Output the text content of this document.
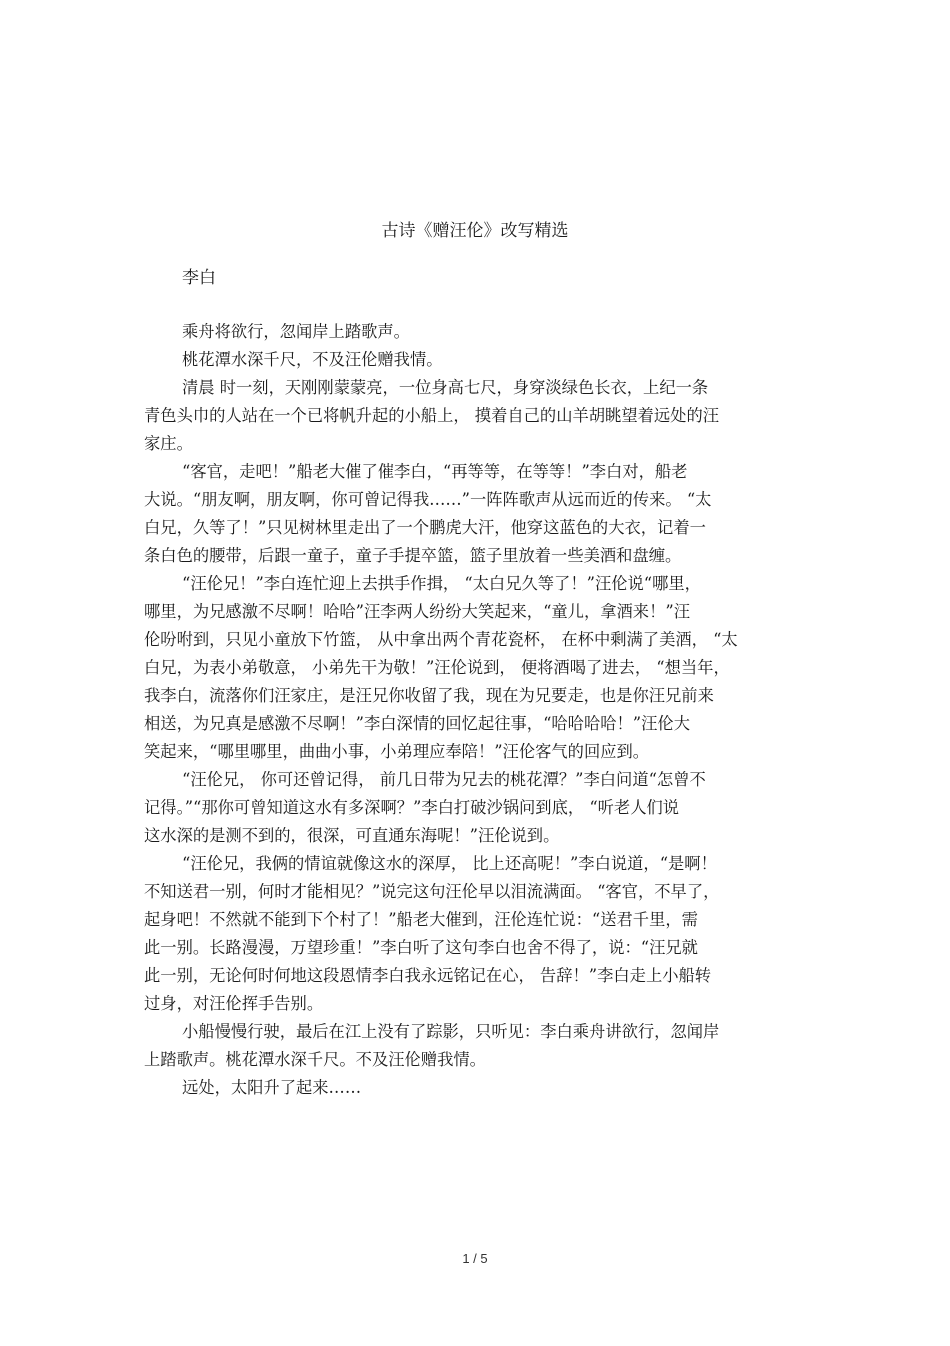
古诗《赠汪伦》改写精选
李白
乘舟将欲行，忽闻岸上踏歌声。
桃花潭水深千尺，不及汪伦赠我情。
清晨 时一刻，天刚刚蒙蒙亮，一位身高七尺，身穿淡绿色长衣，上纪一条
青色头巾的人站在一个已将帆升起的小船上， 摸着自己的山羊胡眺望着远处的汪
家庄。
“客官，走吧！”船老大催了催李白，“再等等，在等等！”李白对，船老
大说。“朋友啊，朋友啊，你可曾记得我……”一阵阵歌声从远而近的传来。 “太
白兄，久等了！”只见树林里走出了一个鹏虎大汗，他穿这蓝色的大衣，记着一
条白色的腰带，后跟一童子，童子手提卒篮，篮子里放着一些美酒和盘缠。
“汪伦兄！”李白连忙迎上去拱手作揖， “太白兄久等了！”汪伦说“哪里，
哪里，为兄感激不尽啊！哈哈”汪李两人纷纷大笑起来，“童儿，拿酒来！”汪
伦吩咐到，只见小童放下竹篮， 从中拿出两个青花瓷杯， 在杯中剩满了美酒， “太
白兄，为表小弟敬意， 小弟先干为敬！”汪伦说到， 便将酒喝了进去， “想当年，
我李白，流落你们汪家庄，是汪兄你收留了我，现在为兄要走，也是你汪兄前来
相送，为兄真是感激不尽啊！”李白深情的回忆起往事，“哈哈哈哈！”汪伦大
笑起来，“哪里哪里，曲曲小事，小弟理应奉陪！”汪伦客气的回应到。
“汪伦兄， 你可还曾记得， 前几日带为兄去的桃花潭？”李白问道“怎曾不
记得。”“那你可曾知道这水有多深啊？”李白打破沙锅问到底， “听老人们说
这水深的是测不到的，很深，可直通东海呢！”汪伦说到。
“汪伦兄，我俩的情谊就像这水的深厚， 比上还高呢！”李白说道，“是啊！
不知送君一别，何时才能相见？”说完这句汪伦早以泪流满面。 “客官，不早了，
起身吧！不然就不能到下个村了！”船老大催到，汪伦连忙说：“送君千里，需
此一别。长路漫漫，万望珍重！”李白听了这句李白也舍不得了，说：“汪兄就
此一别，无论何时何地这段恩情李白我永远铭记在心， 告辞！”李白走上小船转
过身，对汪伦挥手告别。
小船慢慢行驶，最后在江上没有了踪影，只听见：李白乘舟讲欲行，忽闻岸
上踏歌声。桃花潭水深千尺。不及汪伦赠我情。
远处，太阳升了起来……
1 / 5
